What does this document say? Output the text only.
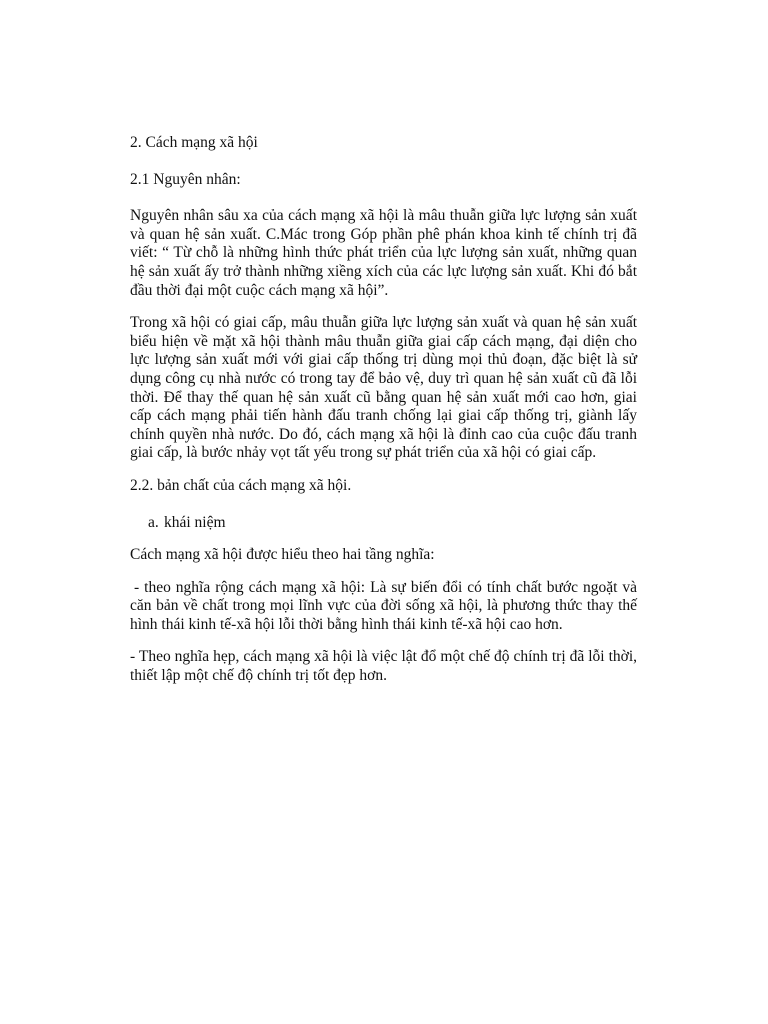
2. Cách mạng xã hội

2.1 Nguyên nhân:

Nguyên nhân sâu xa của cách mạng xã hội là mâu thuẫn giữa lực lượng sản xuất và quan hệ sản xuất. C.Mác trong Góp phần phê phán khoa kinh tế chính trị đã viết: “ Từ chỗ là những hình thức phát triển của lực lượng sản xuất, những quan hệ sản xuất ấy trở thành những xiềng xích của các lực lượng sản xuất. Khi đó bắt đầu thời đại một cuộc cách mạng xã hội”.

Trong xã hội có giai cấp, mâu thuẫn giữa lực lượng sản xuất và quan hệ sản xuất biểu hiện về mặt xã hội thành mâu thuẫn giữa giai cấp cách mạng, đại diện cho lực lượng sản xuất mới với giai cấp thống trị dùng mọi thủ đoạn, đặc biệt là sử dụng công cụ nhà nước có trong tay để bảo vệ, duy trì quan hệ sản xuất cũ đã lỗi thời. Để thay thế quan hệ sản xuất cũ bằng quan hệ sản xuất mới cao hơn, giai cấp cách mạng phải tiến hành đấu tranh chống lại giai cấp thống trị, giành lấy chính quyền nhà nước. Do đó, cách mạng xã hội là đỉnh cao của cuộc đấu tranh giai cấp, là bước nhảy vọt tất yếu trong sự phát triển của xã hội có giai cấp.

2.2. bản chất của cách mạng xã hội.

a. khái niệm

Cách mạng xã hội được hiểu theo hai tầng nghĩa:

- theo nghĩa rộng cách mạng xã hội: Là sự biến đổi có tính chất bước ngoặt và căn bản về chất trong mọi lĩnh vực của đời sống xã hội, là phương thức thay thế hình thái kinh tế-xã hội lỗi thời bằng hình thái kinh tế-xã hội cao hơn.

- Theo nghĩa hẹp, cách mạng xã hội là việc lật đổ một chế độ chính trị đã lỗi thời, thiết lập một chế độ chính trị tốt đẹp hơn.
